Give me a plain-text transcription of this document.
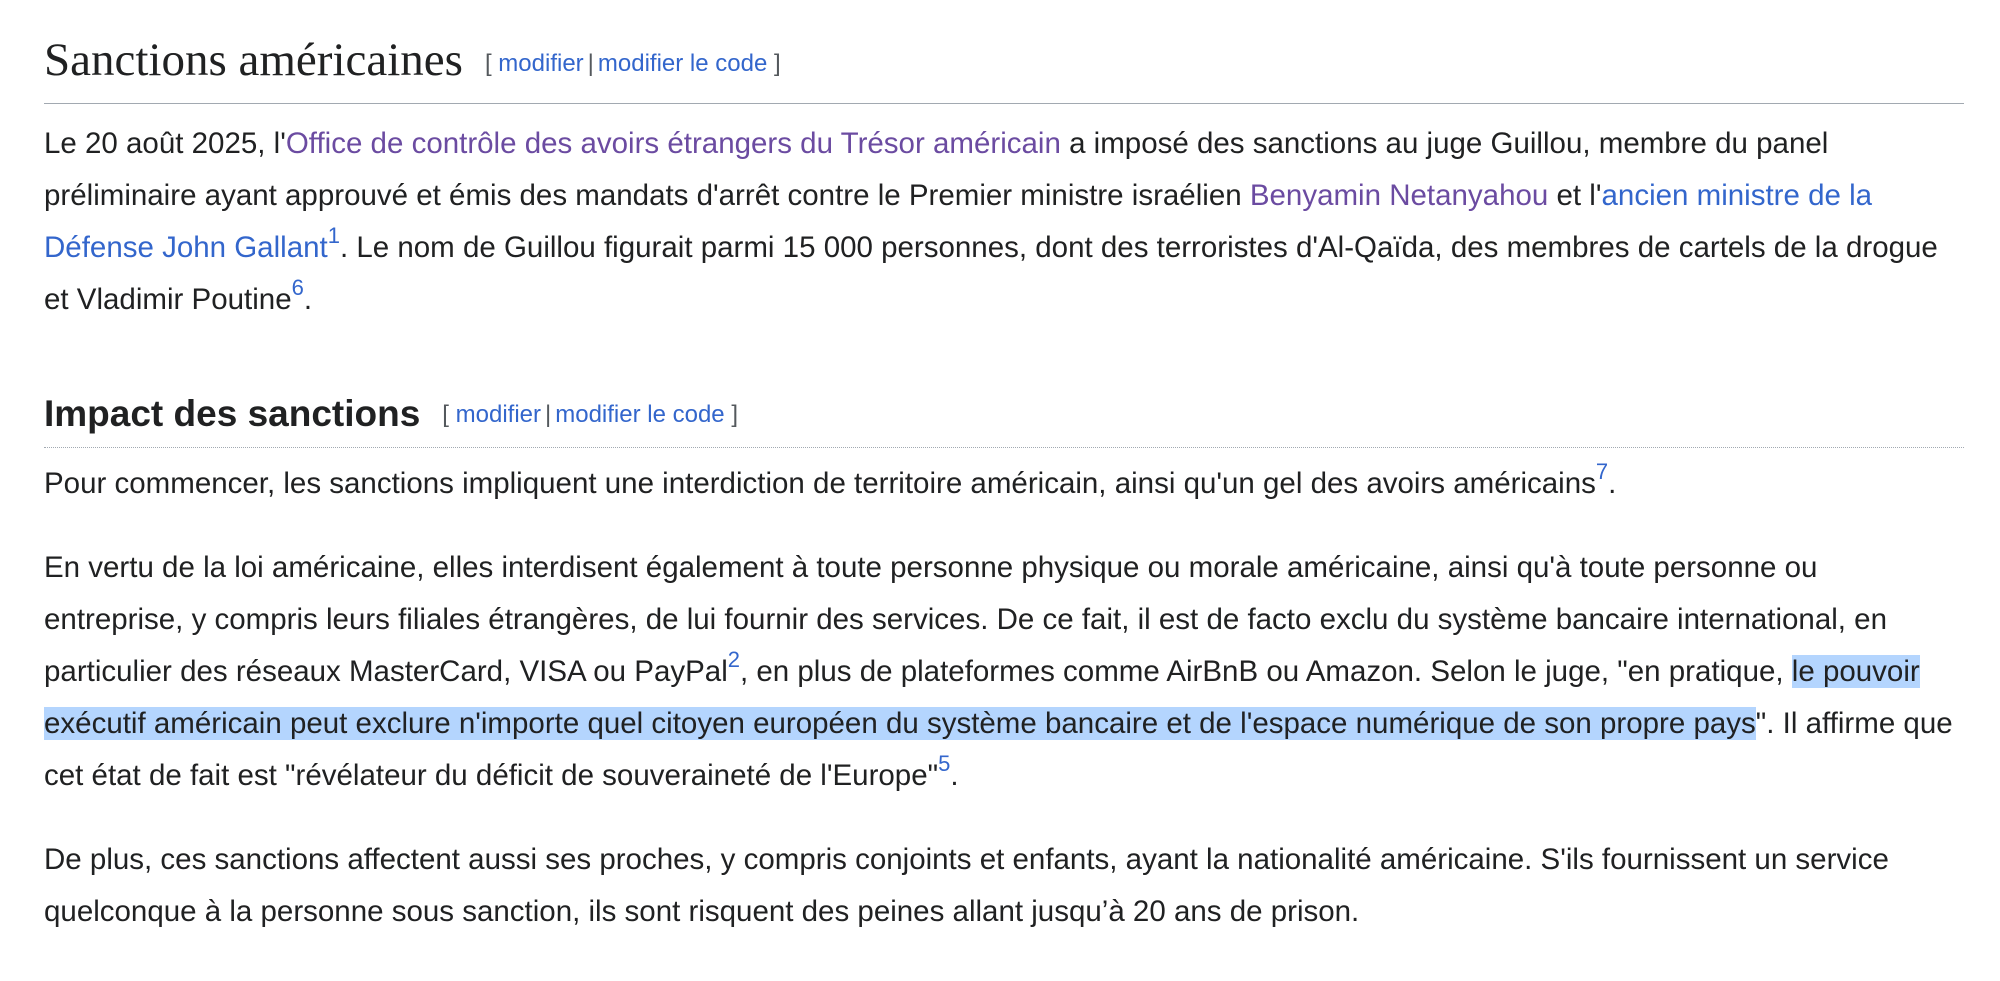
Sanctions américaines [ modifier | modifier le code ]

Le 20 août 2025, l'Office de contrôle des avoirs étrangers du Trésor américain a imposé des sanctions au juge Guillou, membre du panel préliminaire ayant approuvé et émis des mandats d'arrêt contre le Premier ministre israélien Benyamin Netanyahou et l'ancien ministre de la Défense John Gallant$^1$. Le nom de Guillou figurait parmi 15 000 personnes, dont des terroristes d'Al-Qaïda, des membres de cartels de la drogue et Vladimir Poutine$^6$.

Impact des sanctions [ modifier | modifier le code ]

Pour commencer, les sanctions impliquent une interdiction de territoire américain, ainsi qu'un gel des avoirs américains$^7$.

En vertu de la loi américaine, elles interdisent également à toute personne physique ou morale américaine, ainsi qu'à toute personne ou entreprise, y compris leurs filiales étrangères, de lui fournir des services. De ce fait, il est de facto exclu du système bancaire international, en particulier des réseaux MasterCard, VISA ou PayPal$^2$, en plus de plateformes comme AirBnB ou Amazon. Selon le juge, "en pratique, le pouvoir exécutif américain peut exclure n'importe quel citoyen européen du système bancaire et de l'espace numérique de son propre pays". Il affirme que cet état de fait est "révélateur du déficit de souveraineté de l'Europe"$^5$.

De plus, ces sanctions affectent aussi ses proches, y compris conjoints et enfants, ayant la nationalité américaine. S'ils fournissent un service quelconque à la personne sous sanction, ils sont risquent des peines allant jusqu’à 20 ans de prison.
